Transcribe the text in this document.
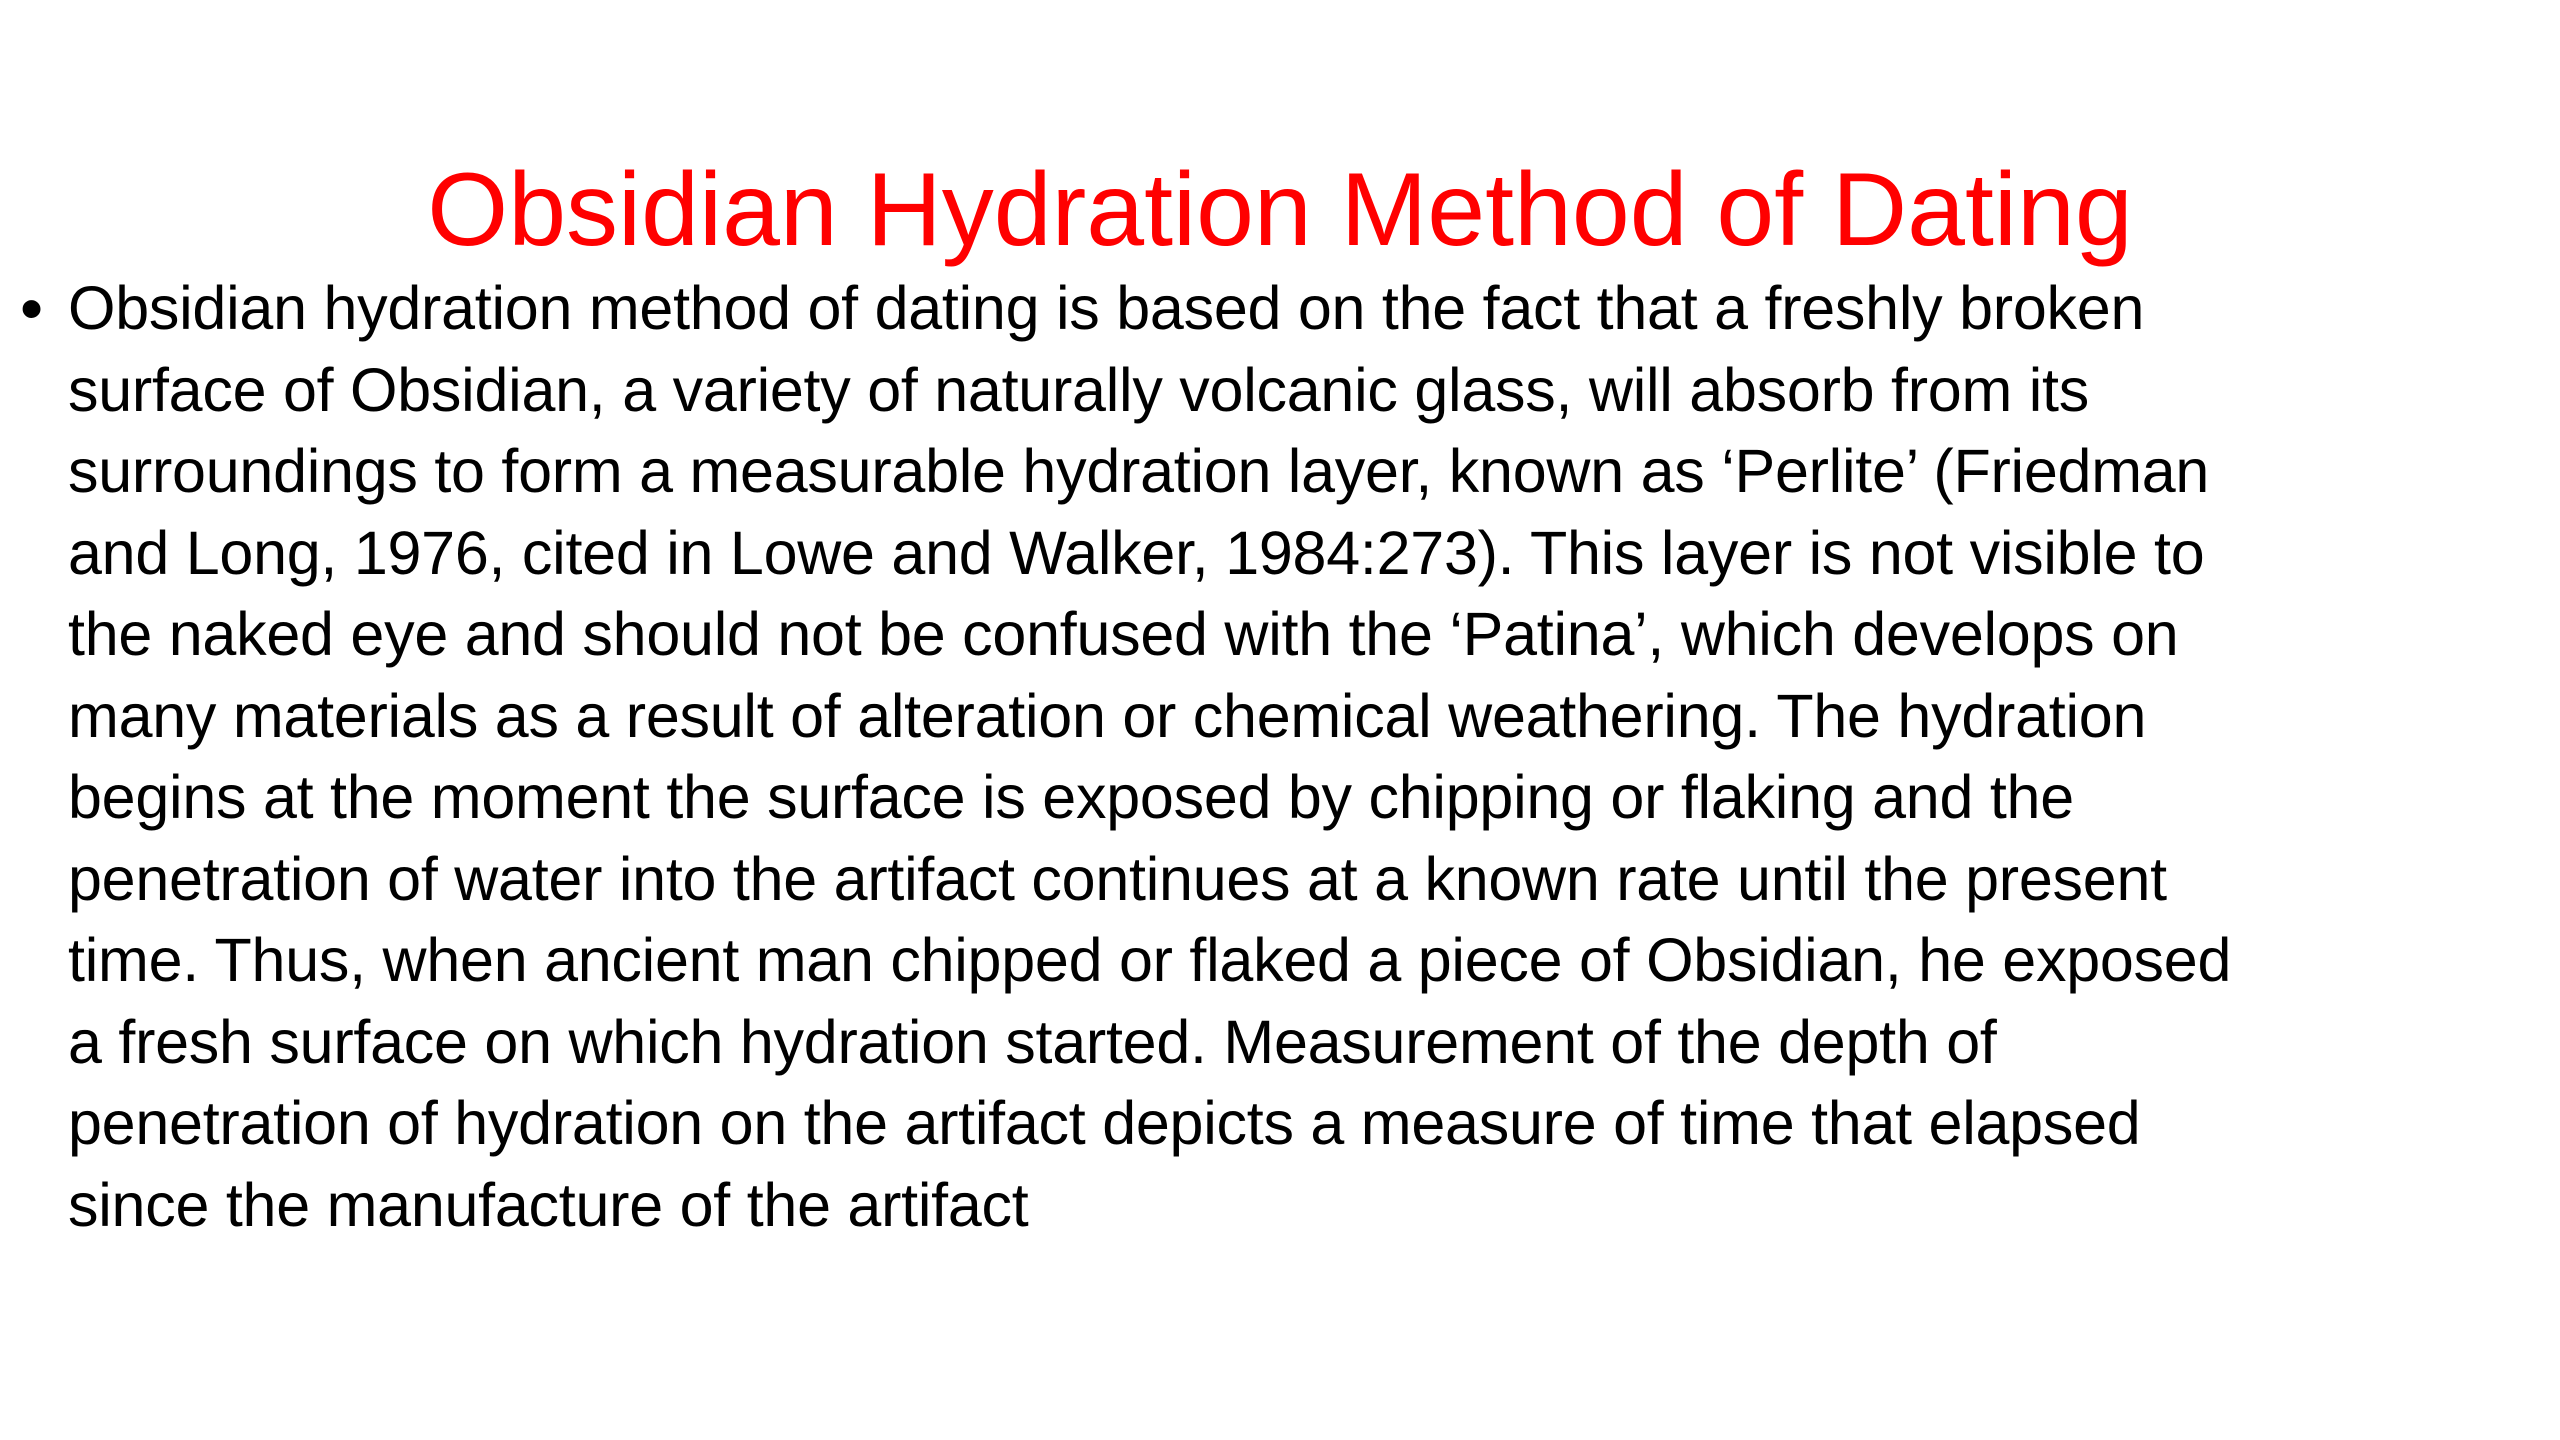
Obsidian Hydration Method of Dating
• Obsidian hydration method of dating is based on the fact that a freshly broken
surface of Obsidian, a variety of naturally volcanic glass, will absorb from its
surroundings to form a measurable hydration layer, known as ‘Perlite’ (Friedman
and Long, 1976, cited in Lowe and Walker, 1984:273). This layer is not visible to
the naked eye and should not be confused with the ‘Patina’, which develops on
many materials as a result of alteration or chemical weathering. The hydration
begins at the moment the surface is exposed by chipping or flaking and the
penetration of water into the artifact continues at a known rate until the present
time. Thus, when ancient man chipped or flaked a piece of Obsidian, he exposed
a fresh surface on which hydration started. Measurement of the depth of
penetration of hydration on the artifact depicts a measure of time that elapsed
since the manufacture of the artifact
